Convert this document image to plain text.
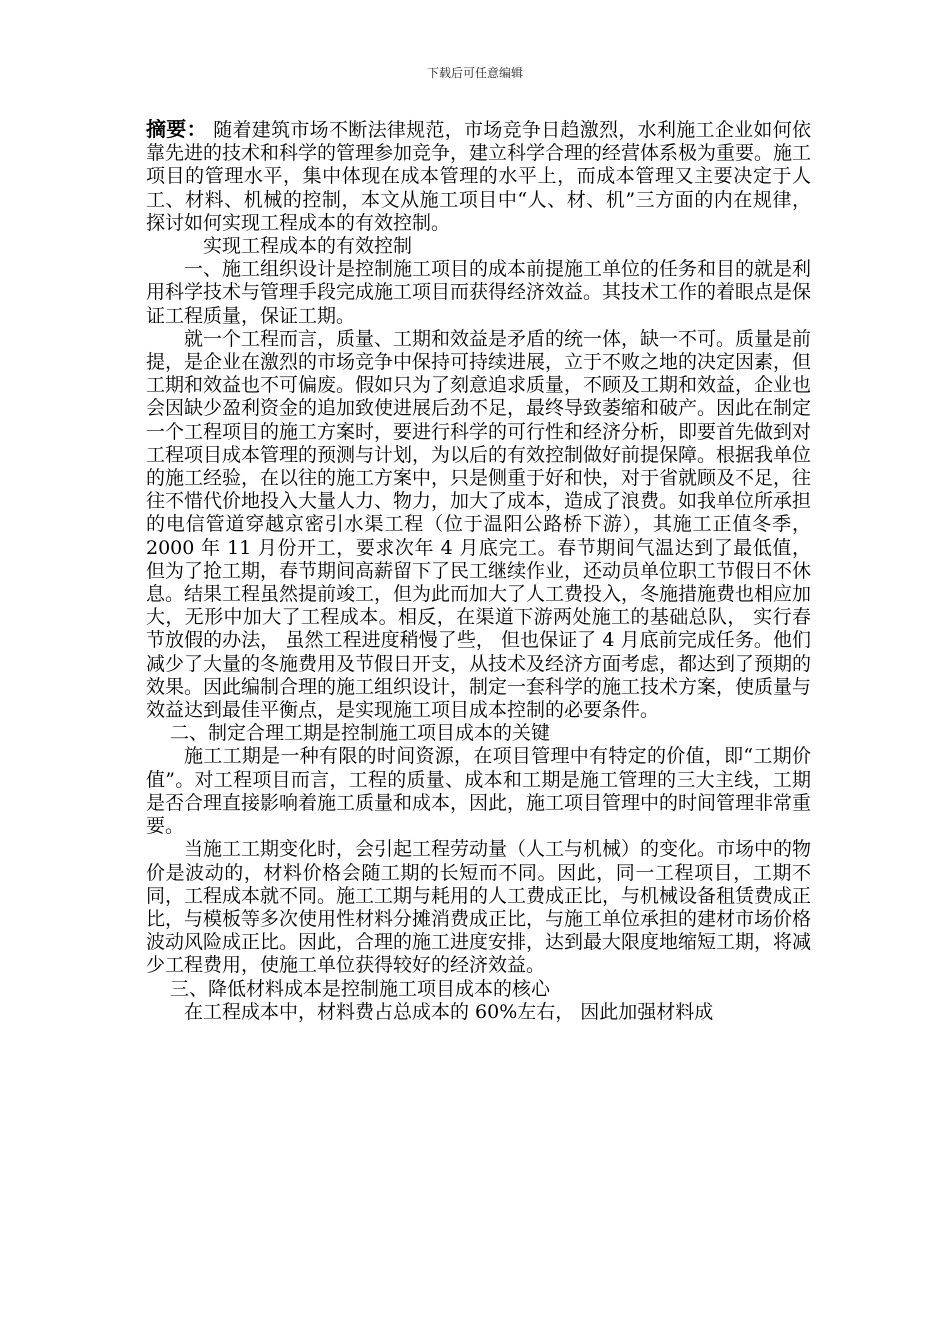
下载后可任意编辑

摘要： 随着建筑市场不断法律规范，市场竞争日趋激烈，水利施工企业如何依靠先进的技术和科学的管理参加竞争，建立科学合理的经营体系极为重要。施工项目的管理水平，集中体现在成本管理的水平上，而成本管理又主要决定于人工、材料、机械的控制，本文从施工项目中“人、材、机”三方面的内在规律，探讨如何实现工程成本的有效控制。

实现工程成本的有效控制

一、施工组织设计是控制施工项目的成本前提施工单位的任务和目的就是利用科学技术与管理手段完成施工项目而获得经济效益。其技术工作的着眼点是保证工程质量，保证工期。

就一个工程而言，质量、工期和效益是矛盾的统一体，缺一不可。质量是前提，是企业在激烈的市场竞争中保持可持续进展，立于不败之地的决定因素，但工期和效益也不可偏废。假如只为了刻意追求质量，不顾及工期和效益，企业也会因缺少盈利资金的追加致使进展后劲不足，最终导致萎缩和破产。因此在制定一个工程项目的施工方案时，要进行科学的可行性和经济分析，即要首先做到对工程项目成本管理的预测与计划，为以后的有效控制做好前提保障。根据我单位的施工经验，在以往的施工方案中，只是侧重于好和快，对于省就顾及不足，往往不惜代价地投入大量人力、物力，加大了成本，造成了浪费。如我单位所承担的电信管道穿越京密引水渠工程（位于温阳公路桥下游），其施工正值冬季， 2000 年 11 月份开工，要求次年 4 月底完工。春节期间气温达到了最低值，但为了抢工期，春节期间高薪留下了民工继续作业，还动员单位职工节假日不休息。结果工程虽然提前竣工，但为此而加大了人工费投入，冬施措施费也相应加大，无形中加大了工程成本。相反，在渠道下游两处施工的基础总队， 实行春节放假的办法， 虽然工程进度稍慢了些， 但也保证了 4 月底前完成任务。他们减少了大量的冬施费用及节假日开支，从技术及经济方面考虑，都达到了预期的效果。因此编制合理的施工组织设计，制定一套科学的施工技术方案，使质量与效益达到最佳平衡点，是实现施工项目成本控制的必要条件。

二、制定合理工期是控制施工项目成本的关键

施工工期是一种有限的时间资源，在项目管理中有特定的价值，即“工期价值”。对工程项目而言，工程的质量、成本和工期是施工管理的三大主线，工期是否合理直接影响着施工质量和成本，因此，施工项目管理中的时间管理非常重要。

当施工工期变化时，会引起工程劳动量（人工与机械）的变化。市场中的物价是波动的，材料价格会随工期的长短而不同。因此，同一工程项目，工期不同，工程成本就不同。施工工期与耗用的人工费成正比，与机械设备租赁费成正比，与模板等多次使用性材料分摊消费成正比，与施工单位承担的建材市场价格波动风险成正比。因此，合理的施工进度安排，达到最大限度地缩短工期，将减少工程费用，使施工单位获得较好的经济效益。

三、降低材料成本是控制施工项目成本的核心

在工程成本中，材料费占总成本的 60%左右， 因此加强材料成
